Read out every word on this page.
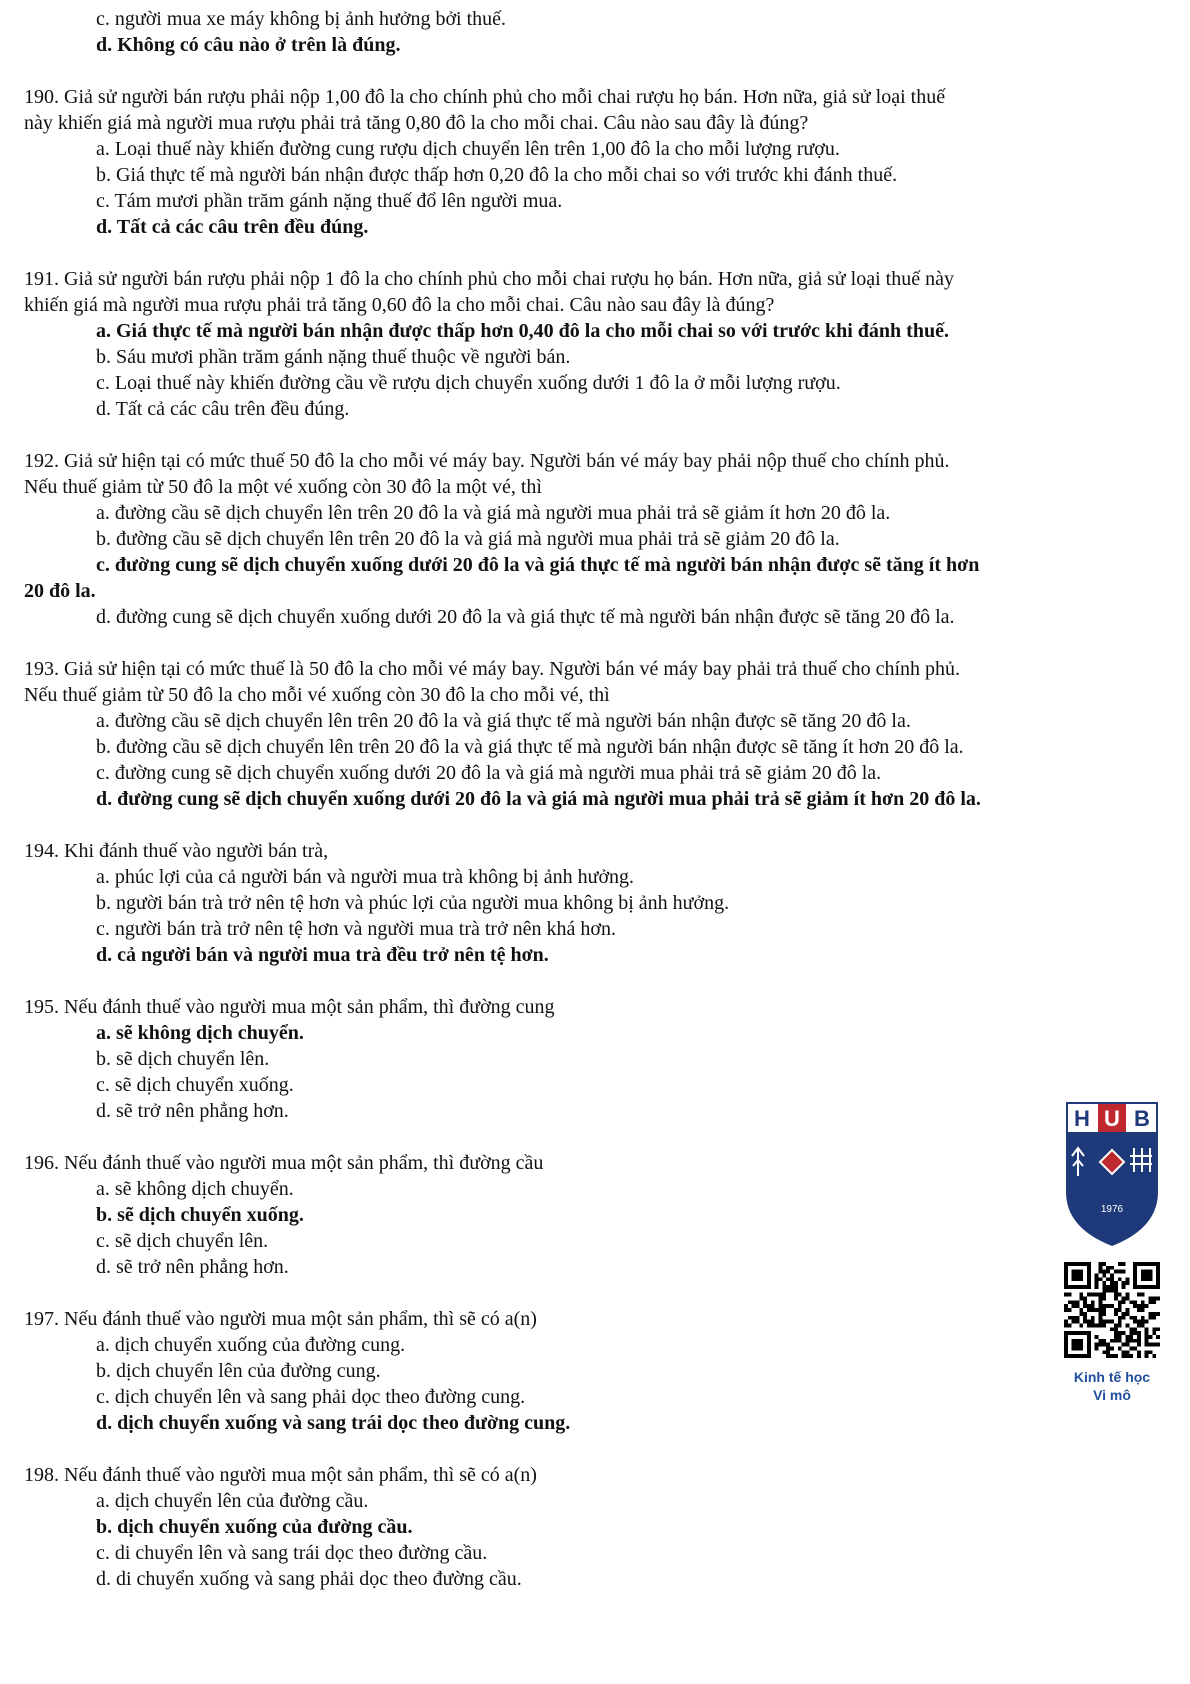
c. người mua xe máy không bị ảnh hưởng bởi thuế.
d. Không có câu nào ở trên là đúng.
190. Giả sử người bán rượu phải nộp 1,00 đô la cho chính phủ cho mỗi chai rượu họ bán. Hơn nữa, giả sử loại thuế
này khiến giá mà người mua rượu phải trả tăng 0,80 đô la cho mỗi chai. Câu nào sau đây là đúng?
a. Loại thuế này khiến đường cung rượu dịch chuyển lên trên 1,00 đô la cho mỗi lượng rượu.
b. Giá thực tế mà người bán nhận được thấp hơn 0,20 đô la cho mỗi chai so với trước khi đánh thuế.
c. Tám mươi phần trăm gánh nặng thuế đổ lên người mua.
d. Tất cả các câu trên đều đúng.
191. Giả sử người bán rượu phải nộp 1 đô la cho chính phủ cho mỗi chai rượu họ bán. Hơn nữa, giả sử loại thuế này
khiến giá mà người mua rượu phải trả tăng 0,60 đô la cho mỗi chai. Câu nào sau đây là đúng?
a. Giá thực tế mà người bán nhận được thấp hơn 0,40 đô la cho mỗi chai so với trước khi đánh thuế.
b. Sáu mươi phần trăm gánh nặng thuế thuộc về người bán.
c. Loại thuế này khiến đường cầu về rượu dịch chuyển xuống dưới 1 đô la ở mỗi lượng rượu.
d. Tất cả các câu trên đều đúng.
192. Giả sử hiện tại có mức thuế 50 đô la cho mỗi vé máy bay. Người bán vé máy bay phải nộp thuế cho chính phủ.
Nếu thuế giảm từ 50 đô la một vé xuống còn 30 đô la một vé, thì
a. đường cầu sẽ dịch chuyển lên trên 20 đô la và giá mà người mua phải trả sẽ giảm ít hơn 20 đô la.
b. đường cầu sẽ dịch chuyển lên trên 20 đô la và giá mà người mua phải trả sẽ giảm 20 đô la.
c. đường cung sẽ dịch chuyển xuống dưới 20 đô la và giá thực tế mà người bán nhận được sẽ tăng ít hơn
20 đô la.
d. đường cung sẽ dịch chuyển xuống dưới 20 đô la và giá thực tế mà người bán nhận được sẽ tăng 20 đô la.
193. Giả sử hiện tại có mức thuế là 50 đô la cho mỗi vé máy bay. Người bán vé máy bay phải trả thuế cho chính phủ.
Nếu thuế giảm từ 50 đô la cho mỗi vé xuống còn 30 đô la cho mỗi vé, thì
a. đường cầu sẽ dịch chuyển lên trên 20 đô la và giá thực tế mà người bán nhận được sẽ tăng 20 đô la.
b. đường cầu sẽ dịch chuyển lên trên 20 đô la và giá thực tế mà người bán nhận được sẽ tăng ít hơn 20 đô la.
c. đường cung sẽ dịch chuyển xuống dưới 20 đô la và giá mà người mua phải trả sẽ giảm 20 đô la.
d. đường cung sẽ dịch chuyển xuống dưới 20 đô la và giá mà người mua phải trả sẽ giảm ít hơn 20 đô la.
194. Khi đánh thuế vào người bán trà,
a. phúc lợi của cả người bán và người mua trà không bị ảnh hưởng.
b. người bán trà trở nên tệ hơn và phúc lợi của người mua không bị ảnh hưởng.
c. người bán trà trở nên tệ hơn và người mua trà trở nên khá hơn.
d. cả người bán và người mua trà đều trở nên tệ hơn.
195. Nếu đánh thuế vào người mua một sản phẩm, thì đường cung
a. sẽ không dịch chuyển.
b. sẽ dịch chuyển lên.
c. sẽ dịch chuyển xuống.
d. sẽ trở nên phẳng hơn.
196. Nếu đánh thuế vào người mua một sản phẩm, thì đường cầu
a. sẽ không dịch chuyển.
b. sẽ dịch chuyển xuống.
c. sẽ dịch chuyển lên.
d. sẽ trở nên phẳng hơn.
197. Nếu đánh thuế vào người mua một sản phẩm, thì sẽ có a(n)
a. dịch chuyển xuống của đường cung.
b. dịch chuyển lên của đường cung.
c. dịch chuyển lên và sang phải dọc theo đường cung.
d. dịch chuyển xuống và sang trái dọc theo đường cung.
198. Nếu đánh thuế vào người mua một sản phẩm, thì sẽ có a(n)
a. dịch chuyển lên của đường cầu.
b. dịch chuyển xuống của đường cầu.
c. di chuyển lên và sang trái dọc theo đường cầu.
d. di chuyển xuống và sang phải dọc theo đường cầu.
H U B
1976
Kinh tế học
Vi mô
